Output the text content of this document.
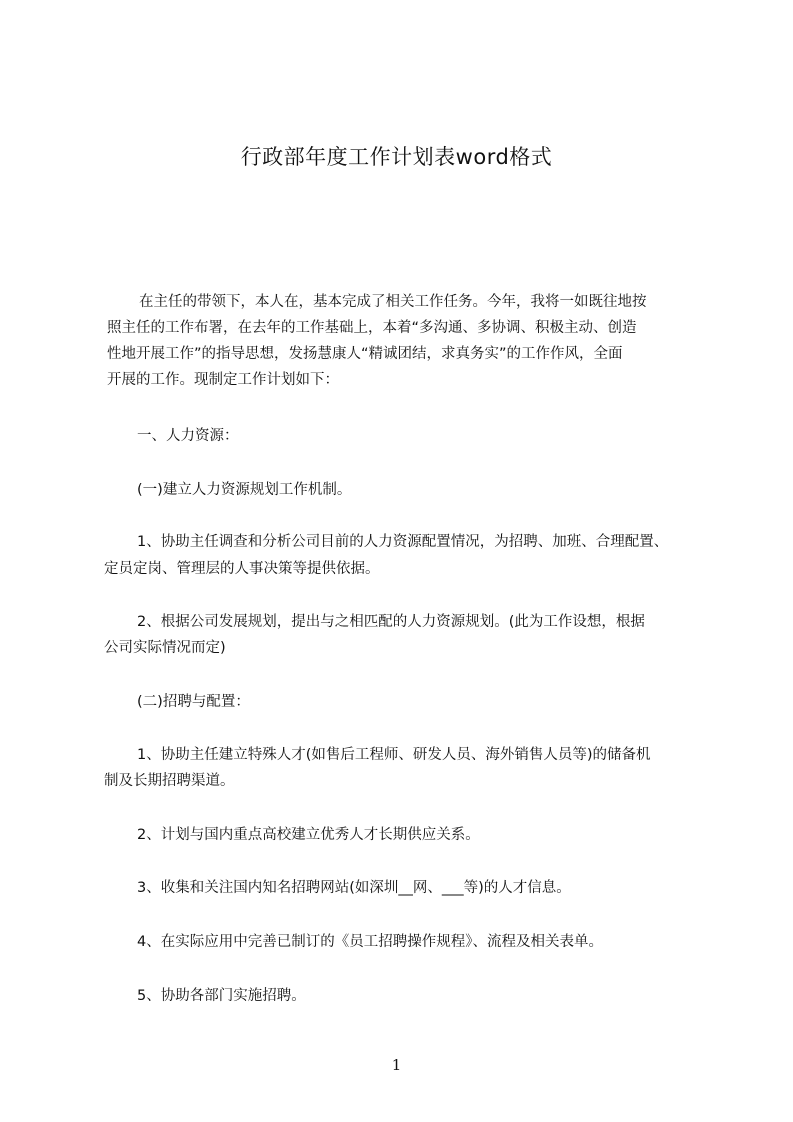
行政部年度工作计划表word格式
在主任的带领下，本人在，基本完成了相关工作任务。今年，我将一如既往地按
照主任的工作布署，在去年的工作基础上，本着“多沟通、多协调、积极主动、创造
性地开展工作”的指导思想，发扬慧康人“精诚团结，求真务实”的工作作风，全面
开展的工作。现制定工作计划如下：
一、人力资源：
(一)建立人力资源规划工作机制。
1、协助主任调查和分析公司目前的人力资源配置情况，为招聘、加班、合理配置、
定员定岗、管理层的人事决策等提供依据。
2、根据公司发展规划，提出与之相匹配的人力资源规划。(此为工作设想，根据
公司实际情况而定)
(二)招聘与配置：
1、协助主任建立特殊人才(如售后工程师、研发人员、海外销售人员等)的储备机
制及长期招聘渠道。
2、计划与国内重点高校建立优秀人才长期供应关系。
3、收集和关注国内知名招聘网站(如深圳__网、___等)的人才信息。
4、在实际应用中完善已制订的《员工招聘操作规程》、流程及相关表单。
5、协助各部门实施招聘。
1
